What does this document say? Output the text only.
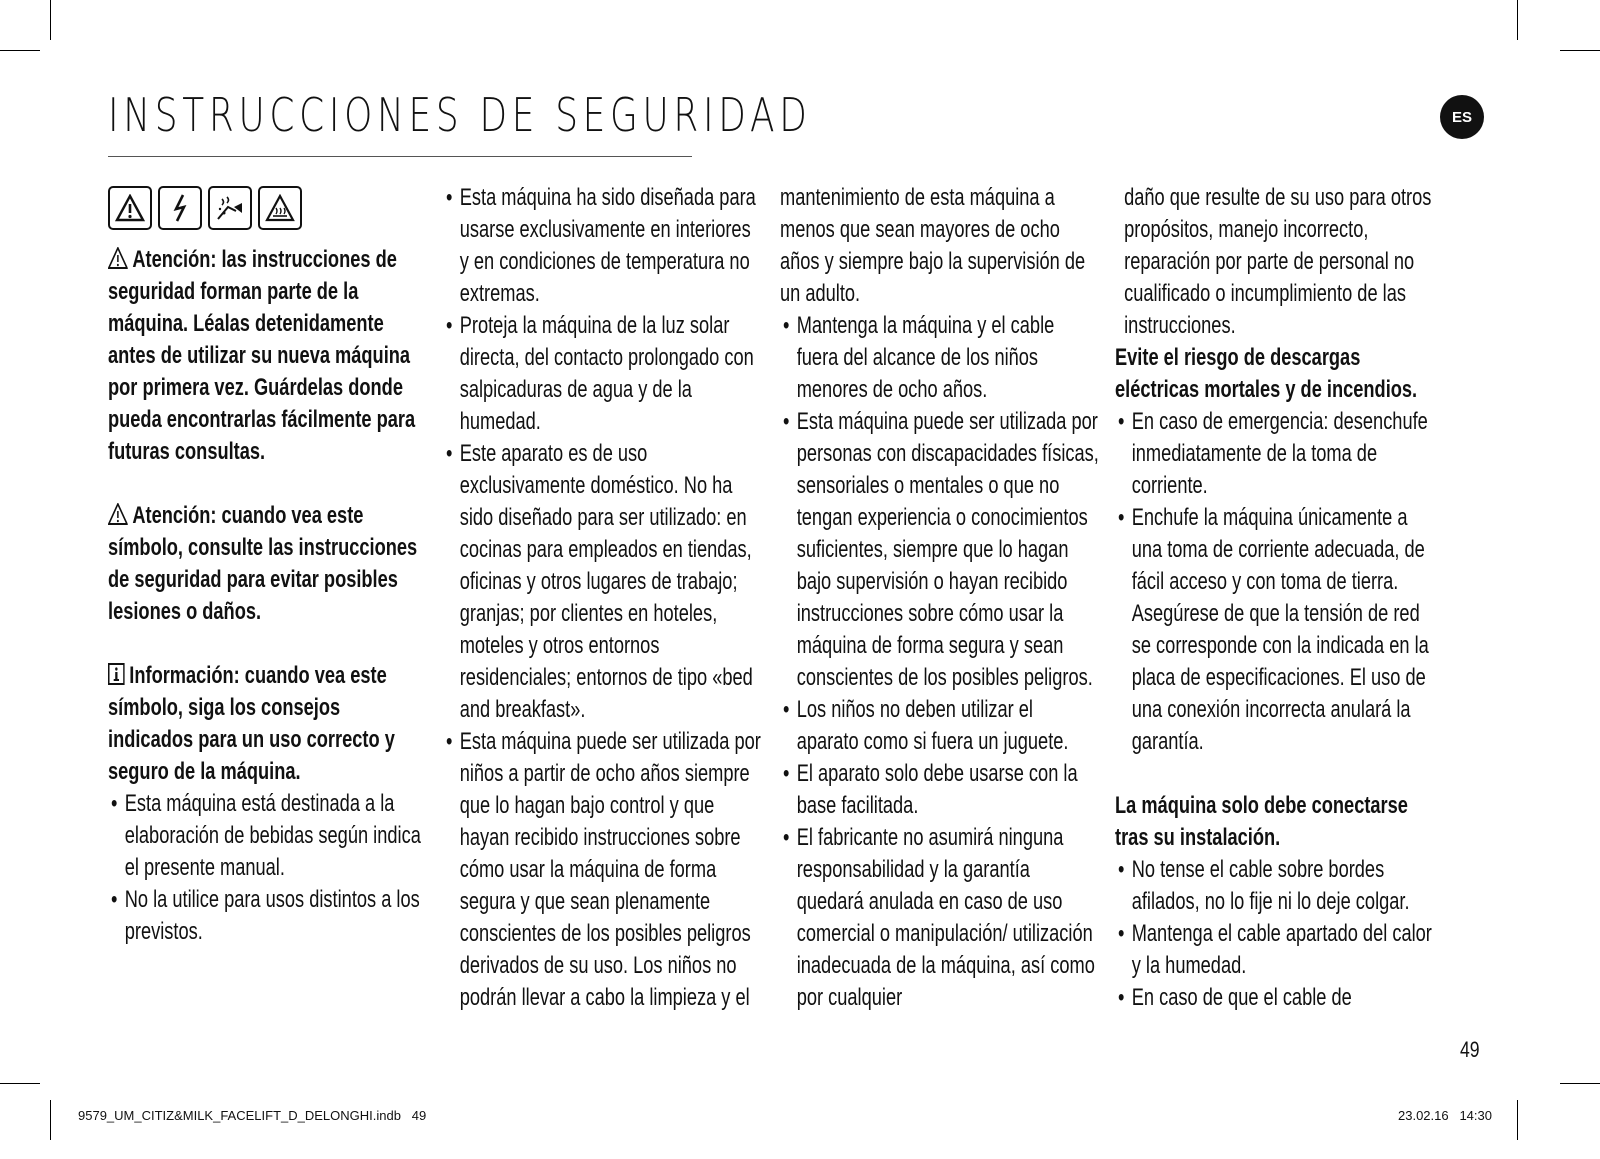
INSTRUCCIONES DE SEGURIDAD	ES
Atención: las instrucciones de seguridad forman parte de la máquina. Léalas detenidamente antes de utilizar su nueva máquina por primera vez. Guárdelas donde pueda encontrarlas fácilmente para futuras consultas.
Atención: cuando vea este símbolo, consulte las instrucciones de seguridad para evitar posibles lesiones o daños.
Información: cuando vea este símbolo, siga los consejos indicados para un uso correcto y seguro de la máquina.
• Esta máquina está destinada a la elaboración de bebidas según indica el presente manual.
• No la utilice para usos distintos a los previstos.
• Esta máquina ha sido diseñada para usarse exclusivamente en interiores y en condiciones de temperatura no extremas.
• Proteja la máquina de la luz solar directa, del contacto prolongado con salpicaduras de agua y de la humedad.
• Este aparato es de uso exclusivamente doméstico. No ha sido diseñado para ser utilizado: en cocinas para empleados en tiendas, oficinas y otros lugares de trabajo; granjas; por clientes en hoteles, moteles y otros entornos residenciales; entornos de tipo «bed and breakfast».
• Esta máquina puede ser utilizada por niños a partir de ocho años siempre que lo hagan bajo control y que hayan recibido instrucciones sobre cómo usar la máquina de forma segura y que sean plenamente conscientes de los posibles peligros derivados de su uso. Los niños no podrán llevar a cabo la limpieza y el
mantenimiento de esta máquina a menos que sean mayores de ocho años y siempre bajo la supervisión de un adulto.
• Mantenga la máquina y el cable fuera del alcance de los niños menores de ocho años.
• Esta máquina puede ser utilizada por personas con discapacidades físicas, sensoriales o mentales o que no tengan experiencia o conocimientos suficientes, siempre que lo hagan bajo supervisión o hayan recibido instrucciones sobre cómo usar la máquina de forma segura y sean conscientes de los posibles peligros.
• Los niños no deben utilizar el aparato como si fuera un juguete.
• El aparato solo debe usarse con la base facilitada.
• El fabricante no asumirá ninguna responsabilidad y la garantía quedará anulada en caso de uso comercial o manipulación/ utilización inadecuada de la máquina, así como por cualquier
daño que resulte de su uso para otros propósitos, manejo incorrecto, reparación por parte de personal no cualificado o incumplimiento de las instrucciones.
Evite el riesgo de descargas eléctricas mortales y de incendios.
• En caso de emergencia: desenchufe inmediatamente de la toma de corriente.
• Enchufe la máquina únicamente a una toma de corriente adecuada, de fácil acceso y con toma de tierra. Asegúrese de que la tensión de red se corresponde con la indicada en la placa de especificaciones. El uso de una conexión incorrecta anulará la garantía.
La máquina solo debe conectarse tras su instalación.
• No tense el cable sobre bordes afilados, no lo fije ni lo deje colgar.
• Mantenga el cable apartado del calor y la humedad.
• En caso de que el cable de
49
9579_UM_CITIZ&MILK_FACELIFT_D_DELONGHI.indb   49	23.02.16   14:30
